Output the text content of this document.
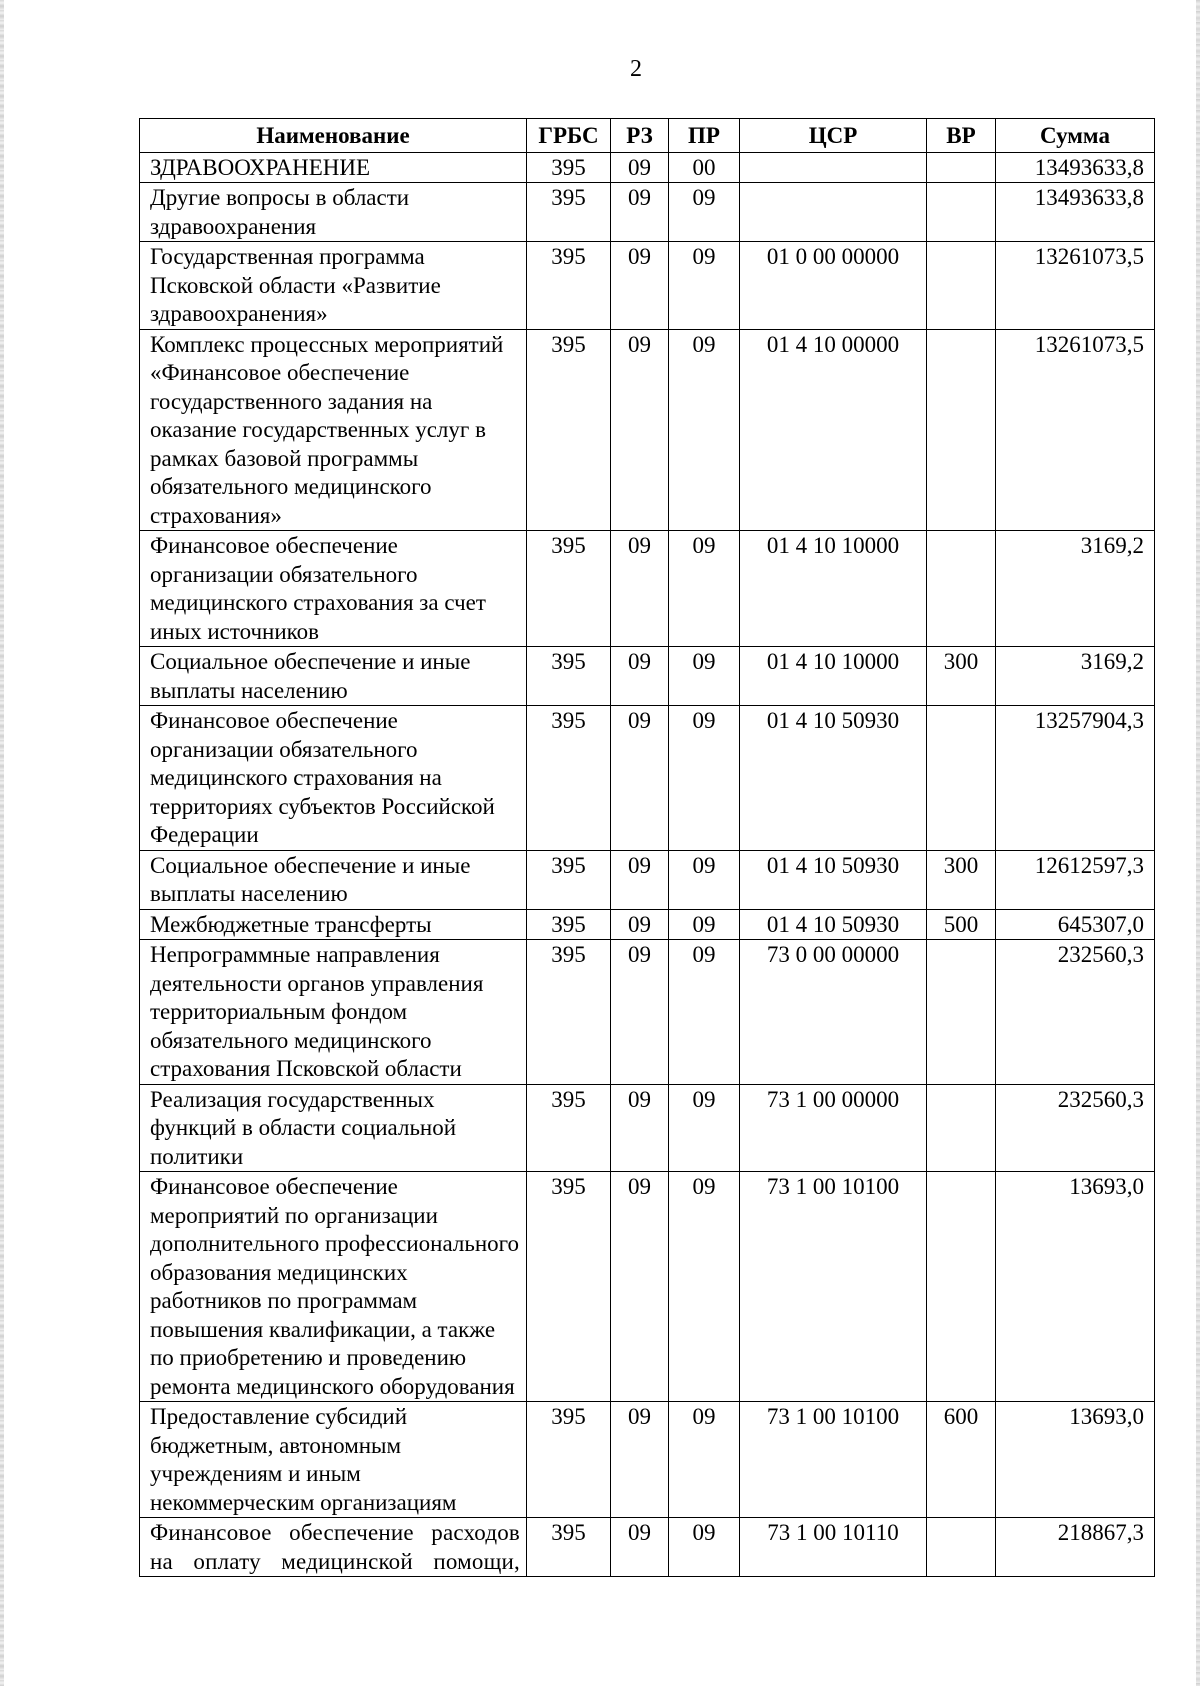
2
Наименование	ГРБС	РЗ	ПР	ЦСР	ВР	Сумма
ЗДРАВООХРАНЕНИЕ	395	09	00			13493633,8
Другие вопросы в области здравоохранения	395	09	09			13493633,8
Государственная программа Псковской области «Развитие здравоохранения»	395	09	09	01 0 00 00000		13261073,5
Комплекс процессных мероприятий «Финансовое обеспечение государственного задания на оказание государственных услуг в рамках базовой программы обязательного медицинского страхования»	395	09	09	01 4 10 00000		13261073,5
Финансовое обеспечение организации обязательного медицинского страхования за счет иных источников	395	09	09	01 4 10 10000		3169,2
Социальное обеспечение и иные выплаты населению	395	09	09	01 4 10 10000	300	3169,2
Финансовое обеспечение организации обязательного медицинского страхования на территориях субъектов Российской Федерации	395	09	09	01 4 10 50930		13257904,3
Социальное обеспечение и иные выплаты населению	395	09	09	01 4 10 50930	300	12612597,3
Межбюджетные трансферты	395	09	09	01 4 10 50930	500	645307,0
Непрограммные направления деятельности органов управления территориальным фондом обязательного медицинского страхования Псковской области	395	09	09	73 0 00 00000		232560,3
Реализация государственных функций в области социальной политики	395	09	09	73 1 00 00000		232560,3
Финансовое обеспечение мероприятий по организации дополнительного профессионального образования медицинских работников по программам повышения квалификации, а также по приобретению и проведению ремонта медицинского оборудования	395	09	09	73 1 00 10100		13693,0
Предоставление субсидий бюджетным, автономным учреждениям и иным некоммерческим организациям	395	09	09	73 1 00 10100	600	13693,0
Финансовое обеспечение расходов на оплату медицинской помощи,	395	09	09	73 1 00 10110		218867,3
